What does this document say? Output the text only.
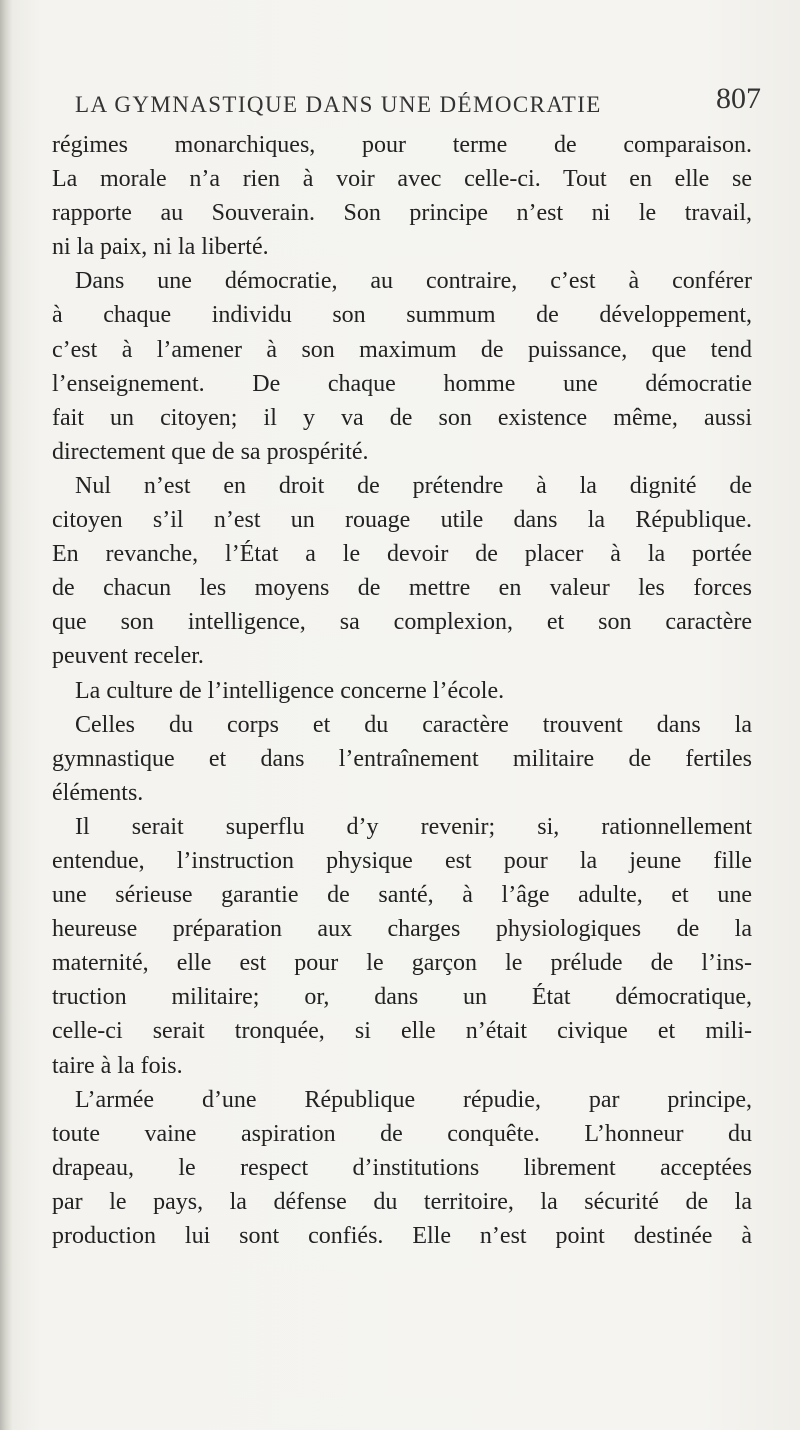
LA GYMNASTIQUE DANS UNE DÉMOCRATIE	807
régimes monarchiques, pour terme de comparaison.
La morale n’a rien à voir avec celle-ci. Tout en elle se
rapporte au Souverain. Son principe n’est ni le travail,
ni la paix, ni la liberté.
Dans une démocratie, au contraire, c’est à conférer
à chaque individu son summum de développement,
c’est à l’amener à son maximum de puissance, que tend
l’enseignement. De chaque homme une démocratie
fait un citoyen; il y va de son existence même, aussi
directement que de sa prospérité.
Nul n’est en droit de prétendre à la dignité de
citoyen s’il n’est un rouage utile dans la République.
En revanche, l’État a le devoir de placer à la portée
de chacun les moyens de mettre en valeur les forces
que son intelligence, sa complexion, et son caractère
peuvent receler.
La culture de l’intelligence concerne l’école.
Celles du corps et du caractère trouvent dans la
gymnastique et dans l’entraînement militaire de fertiles
éléments.
Il serait superflu d’y revenir; si, rationnellement
entendue, l’instruction physique est pour la jeune fille
une sérieuse garantie de santé, à l’âge adulte, et une
heureuse préparation aux charges physiologiques de la
maternité, elle est pour le garçon le prélude de l’ins-
truction militaire; or, dans un État démocratique,
celle-ci serait tronquée, si elle n’était civique et mili-
taire à la fois.
L’armée d’une République répudie, par principe,
toute vaine aspiration de conquête. L’honneur du
drapeau, le respect d’institutions librement acceptées
par le pays, la défense du territoire, la sécurité de la
production lui sont confiés. Elle n’est point destinée à
